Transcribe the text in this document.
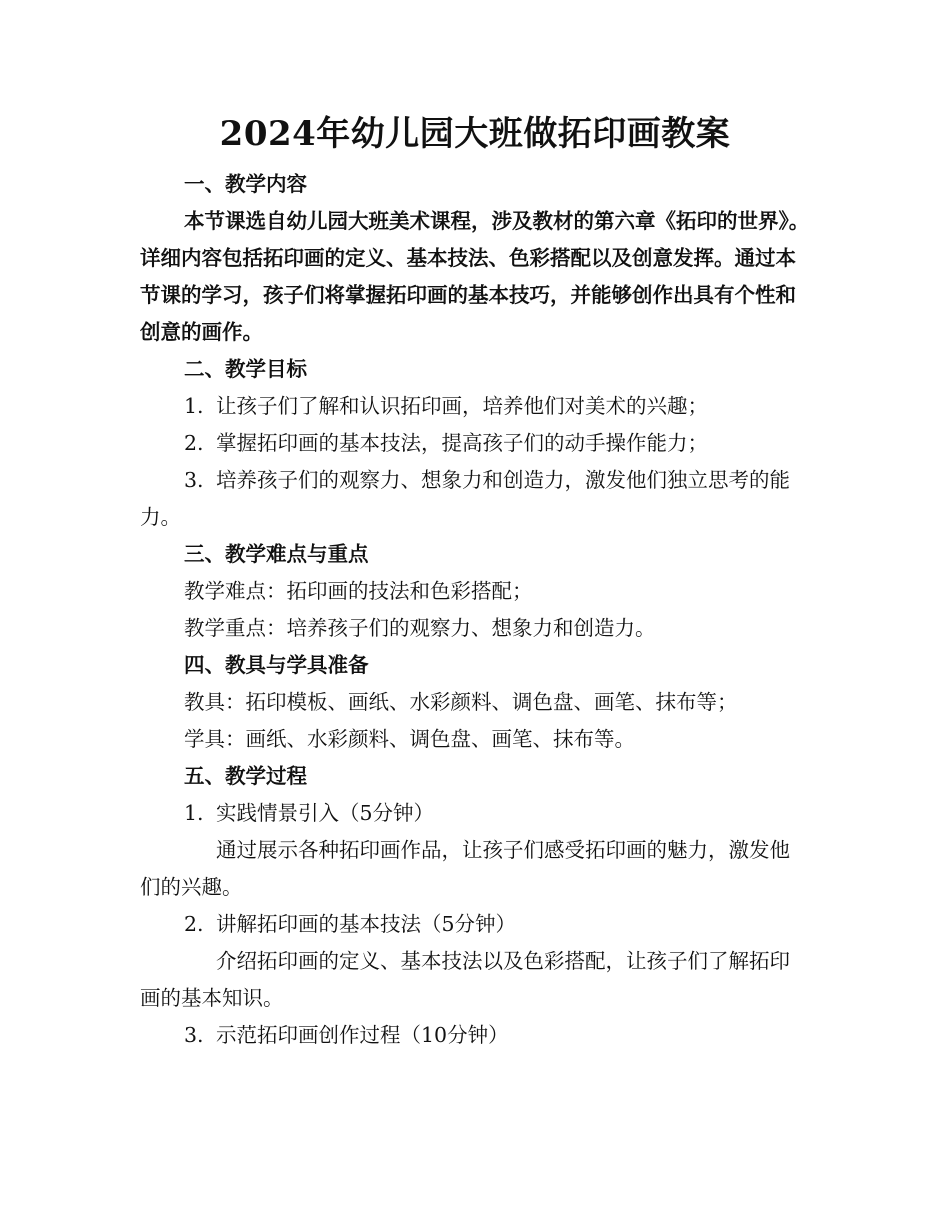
2024年幼儿园大班做拓印画教案

一、教学内容

本节课选自幼儿园大班美术课程，涉及教材的第六章《拓印的世界》。详细内容包括拓印画的定义、基本技法、色彩搭配以及创意发挥。通过本节课的学习，孩子们将掌握拓印画的基本技巧，并能够创作出具有个性和创意的画作。

二、教学目标

1. 让孩子们了解和认识拓印画，培养他们对美术的兴趣；

2. 掌握拓印画的基本技法，提高孩子们的动手操作能力；

3. 培养孩子们的观察力、想象力和创造力，激发他们独立思考的能力。

三、教学难点与重点

教学难点：拓印画的技法和色彩搭配；

教学重点：培养孩子们的观察力、想象力和创造力。

四、教具与学具准备

教具：拓印模板、画纸、水彩颜料、调色盘、画笔、抹布等；

学具：画纸、水彩颜料、调色盘、画笔、抹布等。

五、教学过程

1. 实践情景引入（5分钟）

通过展示各种拓印画作品，让孩子们感受拓印画的魅力，激发他们的兴趣。

2. 讲解拓印画的基本技法（5分钟）

介绍拓印画的定义、基本技法以及色彩搭配，让孩子们了解拓印画的基本知识。

3. 示范拓印画创作过程（10分钟）
